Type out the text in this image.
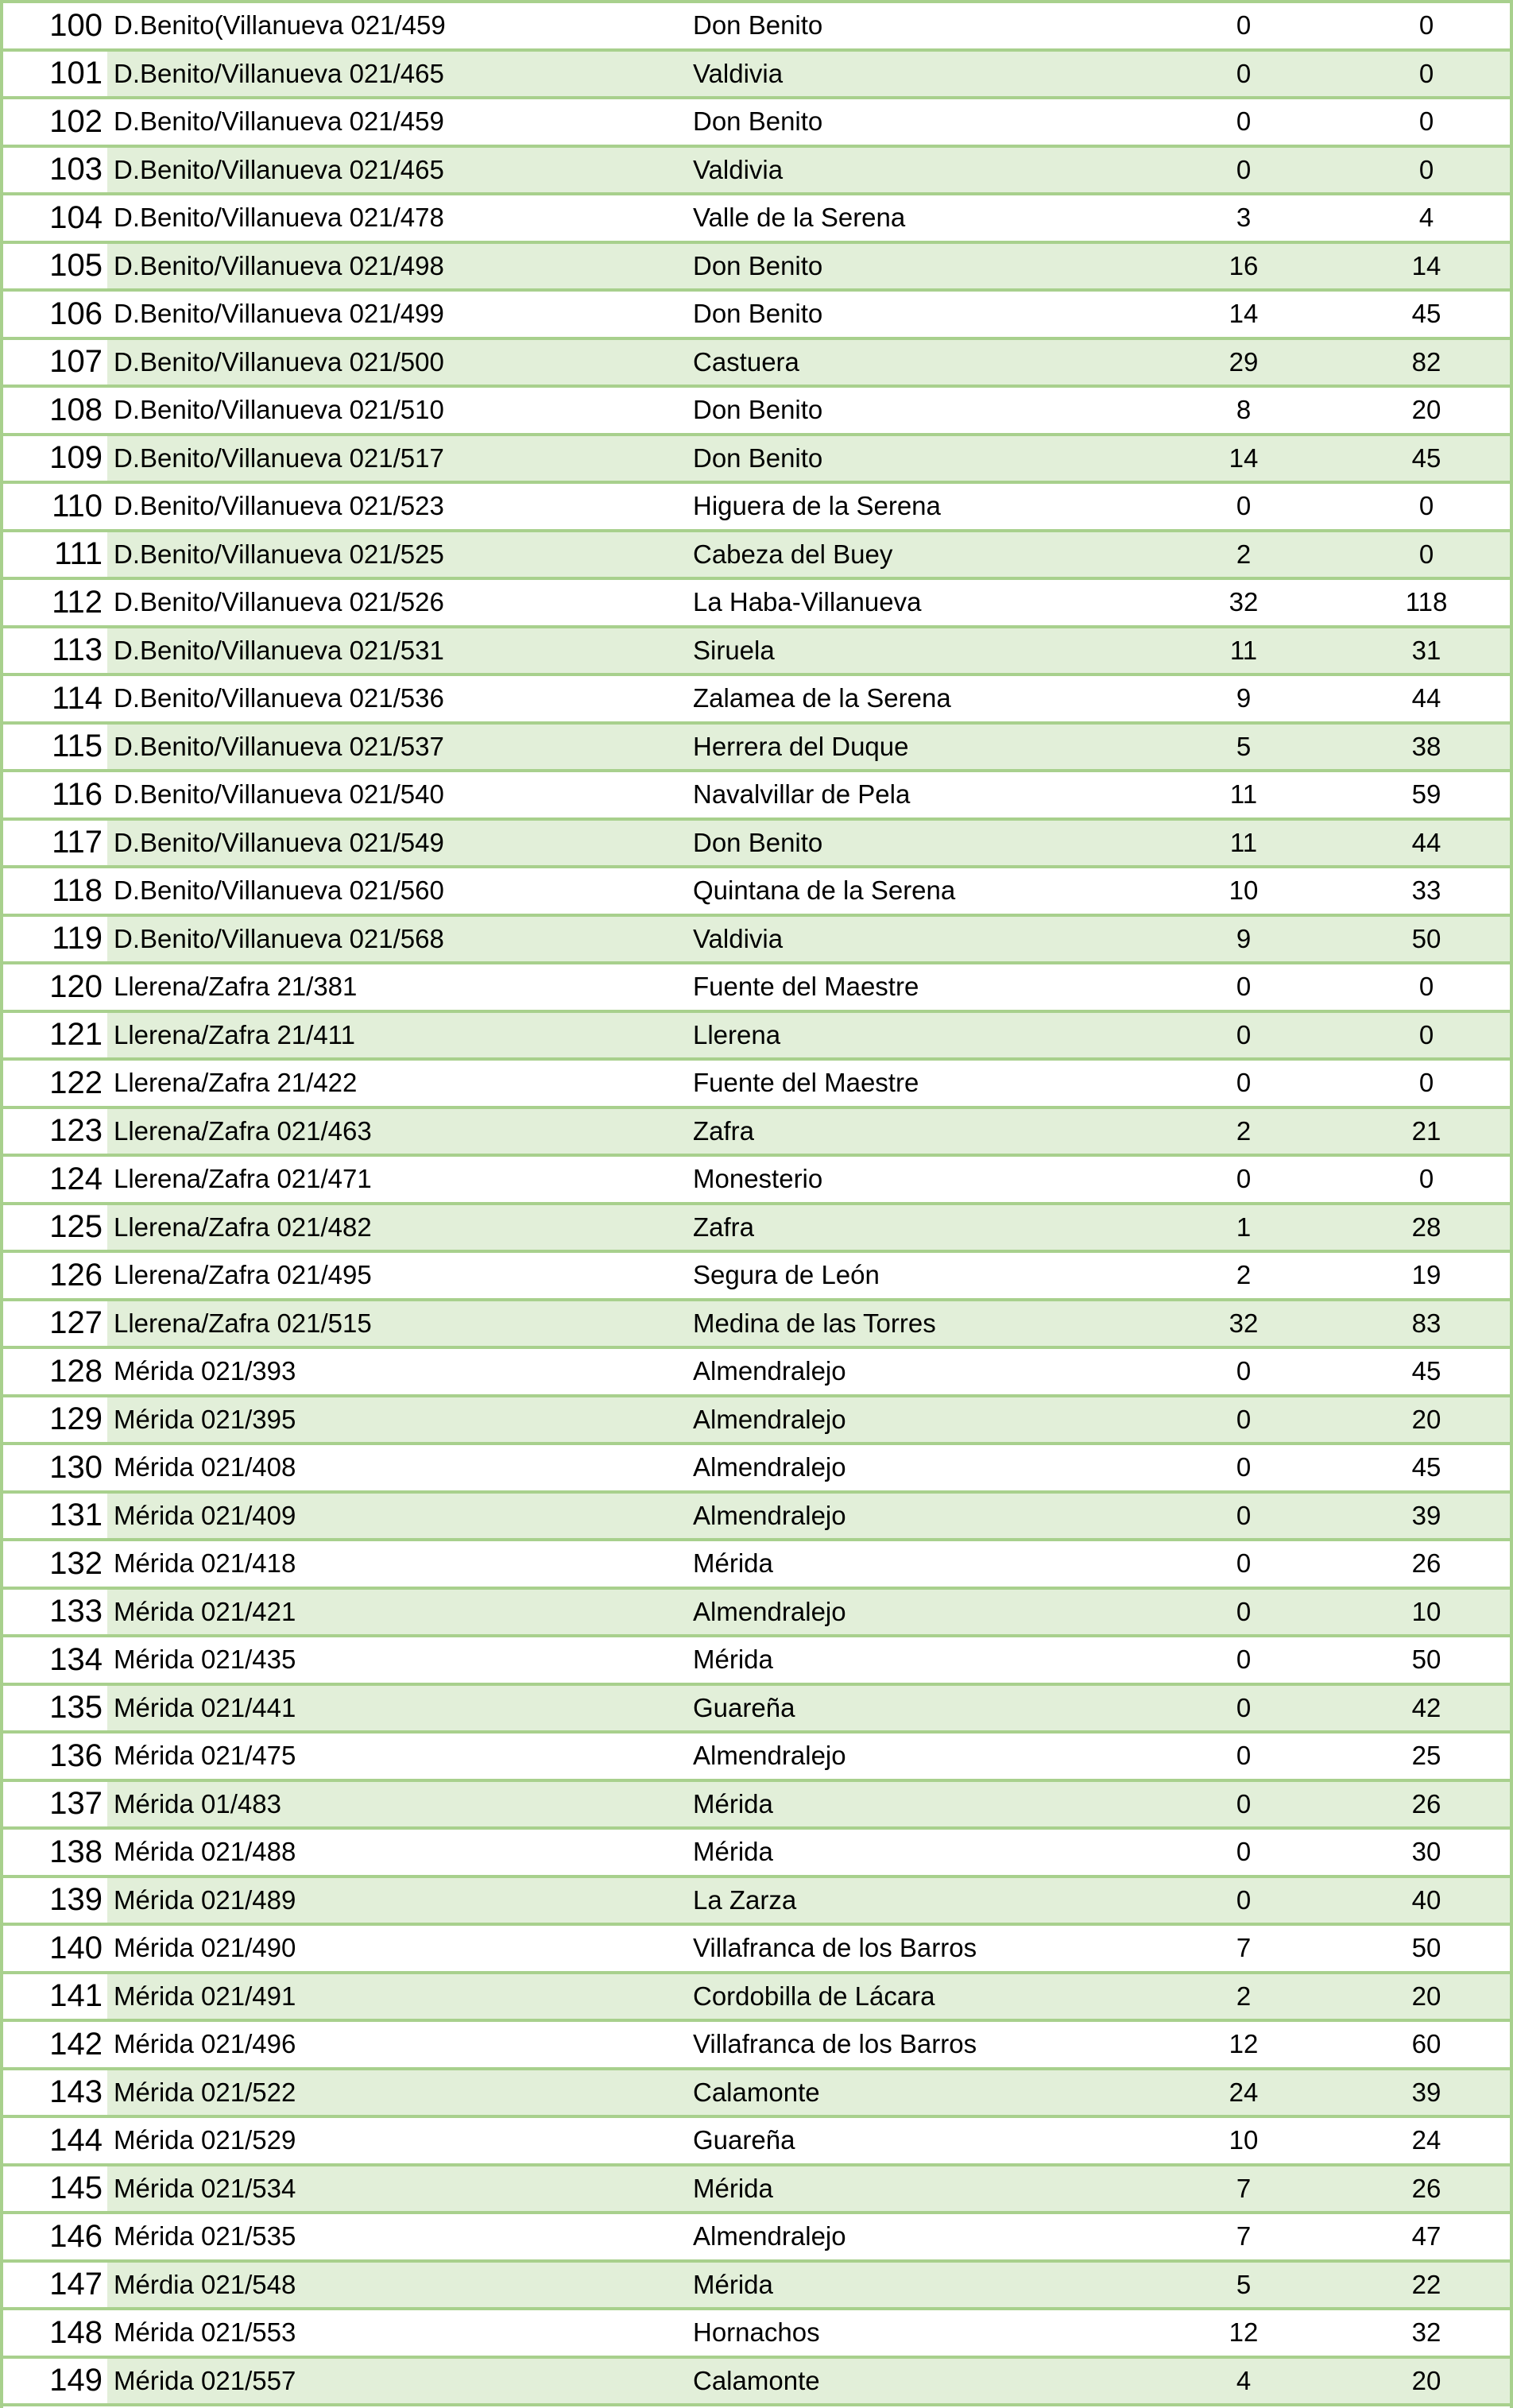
100 D.Benito(Villanueva 021/459	Don Benito	0	0
101 D.Benito/Villanueva 021/465	Valdivia	0	0
102 D.Benito/Villanueva 021/459	Don Benito	0	0
103 D.Benito/Villanueva 021/465	Valdivia	0	0
104 D.Benito/Villanueva 021/478	Valle de la Serena	3	4
105 D.Benito/Villanueva 021/498	Don Benito	16	14
106 D.Benito/Villanueva 021/499	Don Benito	14	45
107 D.Benito/Villanueva 021/500	Castuera	29	82
108 D.Benito/Villanueva 021/510	Don Benito	8	20
109 D.Benito/Villanueva 021/517	Don Benito	14	45
110 D.Benito/Villanueva 021/523	Higuera de la Serena	0	0
111 D.Benito/Villanueva 021/525	Cabeza del Buey	2	0
112 D.Benito/Villanueva 021/526	La Haba-Villanueva	32	118
113 D.Benito/Villanueva 021/531	Siruela	11	31
114 D.Benito/Villanueva 021/536	Zalamea de la Serena	9	44
115 D.Benito/Villanueva 021/537	Herrera del Duque	5	38
116 D.Benito/Villanueva 021/540	Navalvillar de Pela	11	59
117 D.Benito/Villanueva 021/549	Don Benito	11	44
118 D.Benito/Villanueva 021/560	Quintana de la Serena	10	33
119 D.Benito/Villanueva 021/568	Valdivia	9	50
120 Llerena/Zafra 21/381	Fuente del Maestre	0	0
121 Llerena/Zafra 21/411	Llerena	0	0
122 Llerena/Zafra 21/422	Fuente del Maestre	0	0
123 Llerena/Zafra 021/463	Zafra	2	21
124 Llerena/Zafra 021/471	Monesterio	0	0
125 Llerena/Zafra 021/482	Zafra	1	28
126 Llerena/Zafra 021/495	Segura de León	2	19
127 Llerena/Zafra 021/515	Medina de las Torres	32	83
128 Mérida 021/393	Almendralejo	0	45
129 Mérida 021/395	Almendralejo	0	20
130 Mérida 021/408	Almendralejo	0	45
131 Mérida 021/409	Almendralejo	0	39
132 Mérida 021/418	Mérida	0	26
133 Mérida 021/421	Almendralejo	0	10
134 Mérida 021/435	Mérida	0	50
135 Mérida 021/441	Guareña	0	42
136 Mérida 021/475	Almendralejo	0	25
137 Mérida 01/483	Mérida	0	26
138 Mérida 021/488	Mérida	0	30
139 Mérida 021/489	La Zarza	0	40
140 Mérida 021/490	Villafranca de los Barros	7	50
141 Mérida 021/491	Cordobilla de Lácara	2	20
142 Mérida 021/496	Villafranca de los Barros	12	60
143 Mérida 021/522	Calamonte	24	39
144 Mérida 021/529	Guareña	10	24
145 Mérida 021/534	Mérida	7	26
146 Mérida 021/535	Almendralejo	7	47
147 Mérdia 021/548	Mérida	5	22
148 Mérida 021/553	Hornachos	12	32
149 Mérida 021/557	Calamonte	4	20
